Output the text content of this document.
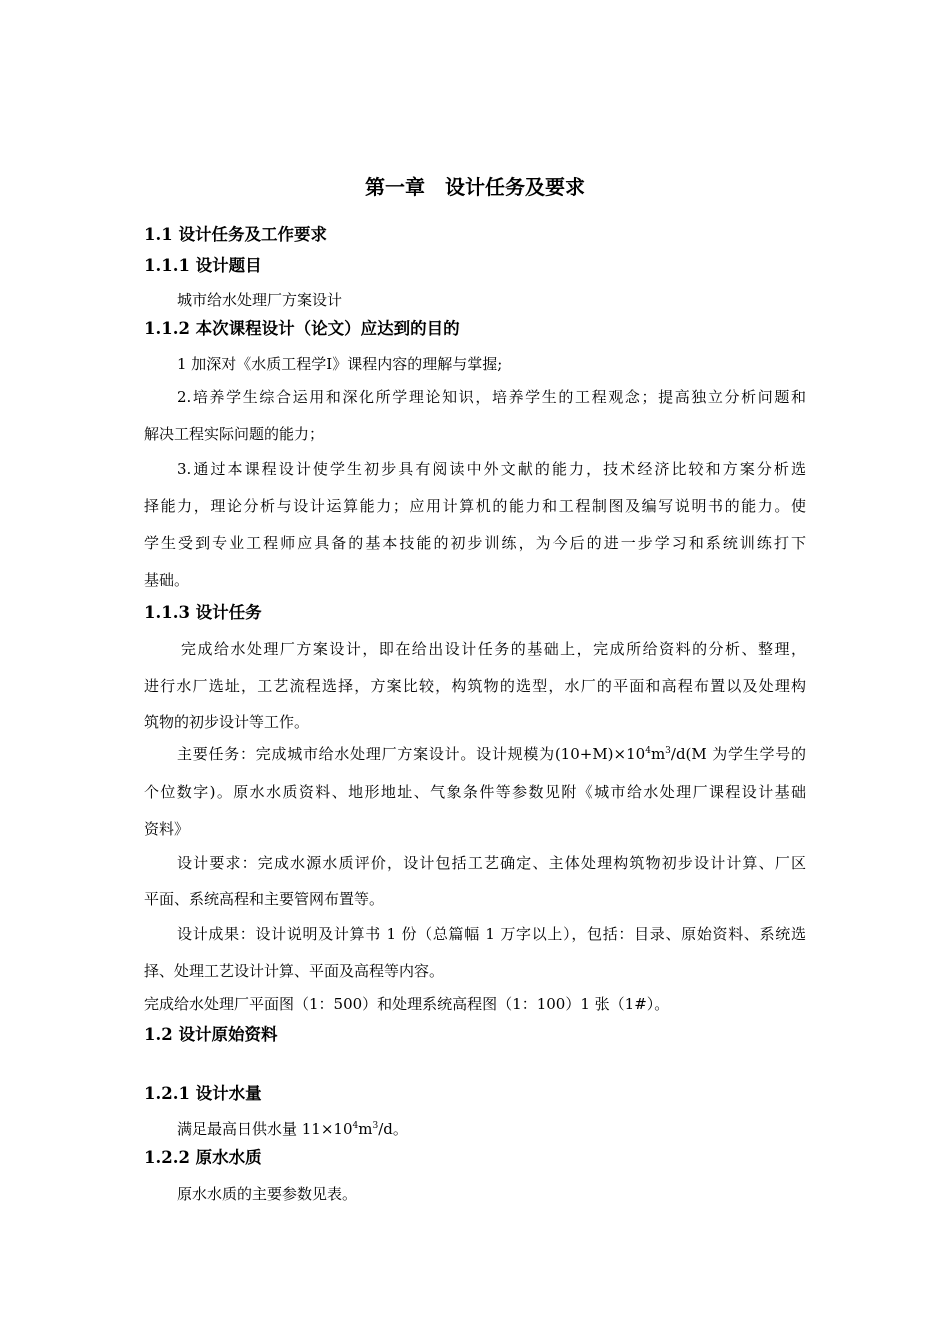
第一章　设计任务及要求
1.1 设计任务及工作要求
1.1.1 设计题目
城市给水处理厂方案设计
1.1.2 本次课程设计（论文）应达到的目的
1 加深对《水质工程学Ⅰ》课程内容的理解与掌握;
2.培养学生综合运用和深化所学理论知识，培养学生的工程观念；提高独立分析问题和
解决工程实际问题的能力；
3.通过本课程设计使学生初步具有阅读中外文献的能力，技术经济比较和方案分析选
择能力，理论分析与设计运算能力；应用计算机的能力和工程制图及编写说明书的能力。使
学生受到专业工程师应具备的基本技能的初步训练，为今后的进一步学习和系统训练打下
基础。
1.1.3 设计任务
完成给水处理厂方案设计，即在给出设计任务的基础上，完成所给资料的分析、整理，
进行水厂选址，工艺流程选择，方案比较，构筑物的选型，水厂的平面和高程布置以及处理构
筑物的初步设计等工作。
主要任务：完成城市给水处理厂方案设计。设计规模为$(10+M)\times 10^4m^3/d(M$ 为学生学号的
个位数字)。原水水质资料、地形地址、气象条件等参数见附《城市给水处理厂课程设计基础
资料》
设计要求：完成水源水质评价，设计包括工艺确定、主体处理构筑物初步设计计算、厂区
平面、系统高程和主要管网布置等。
设计成果：设计说明及计算书 1 份（总篇幅 1 万字以上），包括：目录、原始资料、系统选
择、处理工艺设计计算、平面及高程等内容。
完成给水处理厂平面图（1：500）和处理系统高程图（1：100）1 张（1#）。
1.2 设计原始资料
1.2.1 设计水量
满足最高日供水量 $11\times 10^4m^3/d$。
1.2.2 原水水质
原水水质的主要参数见表。
